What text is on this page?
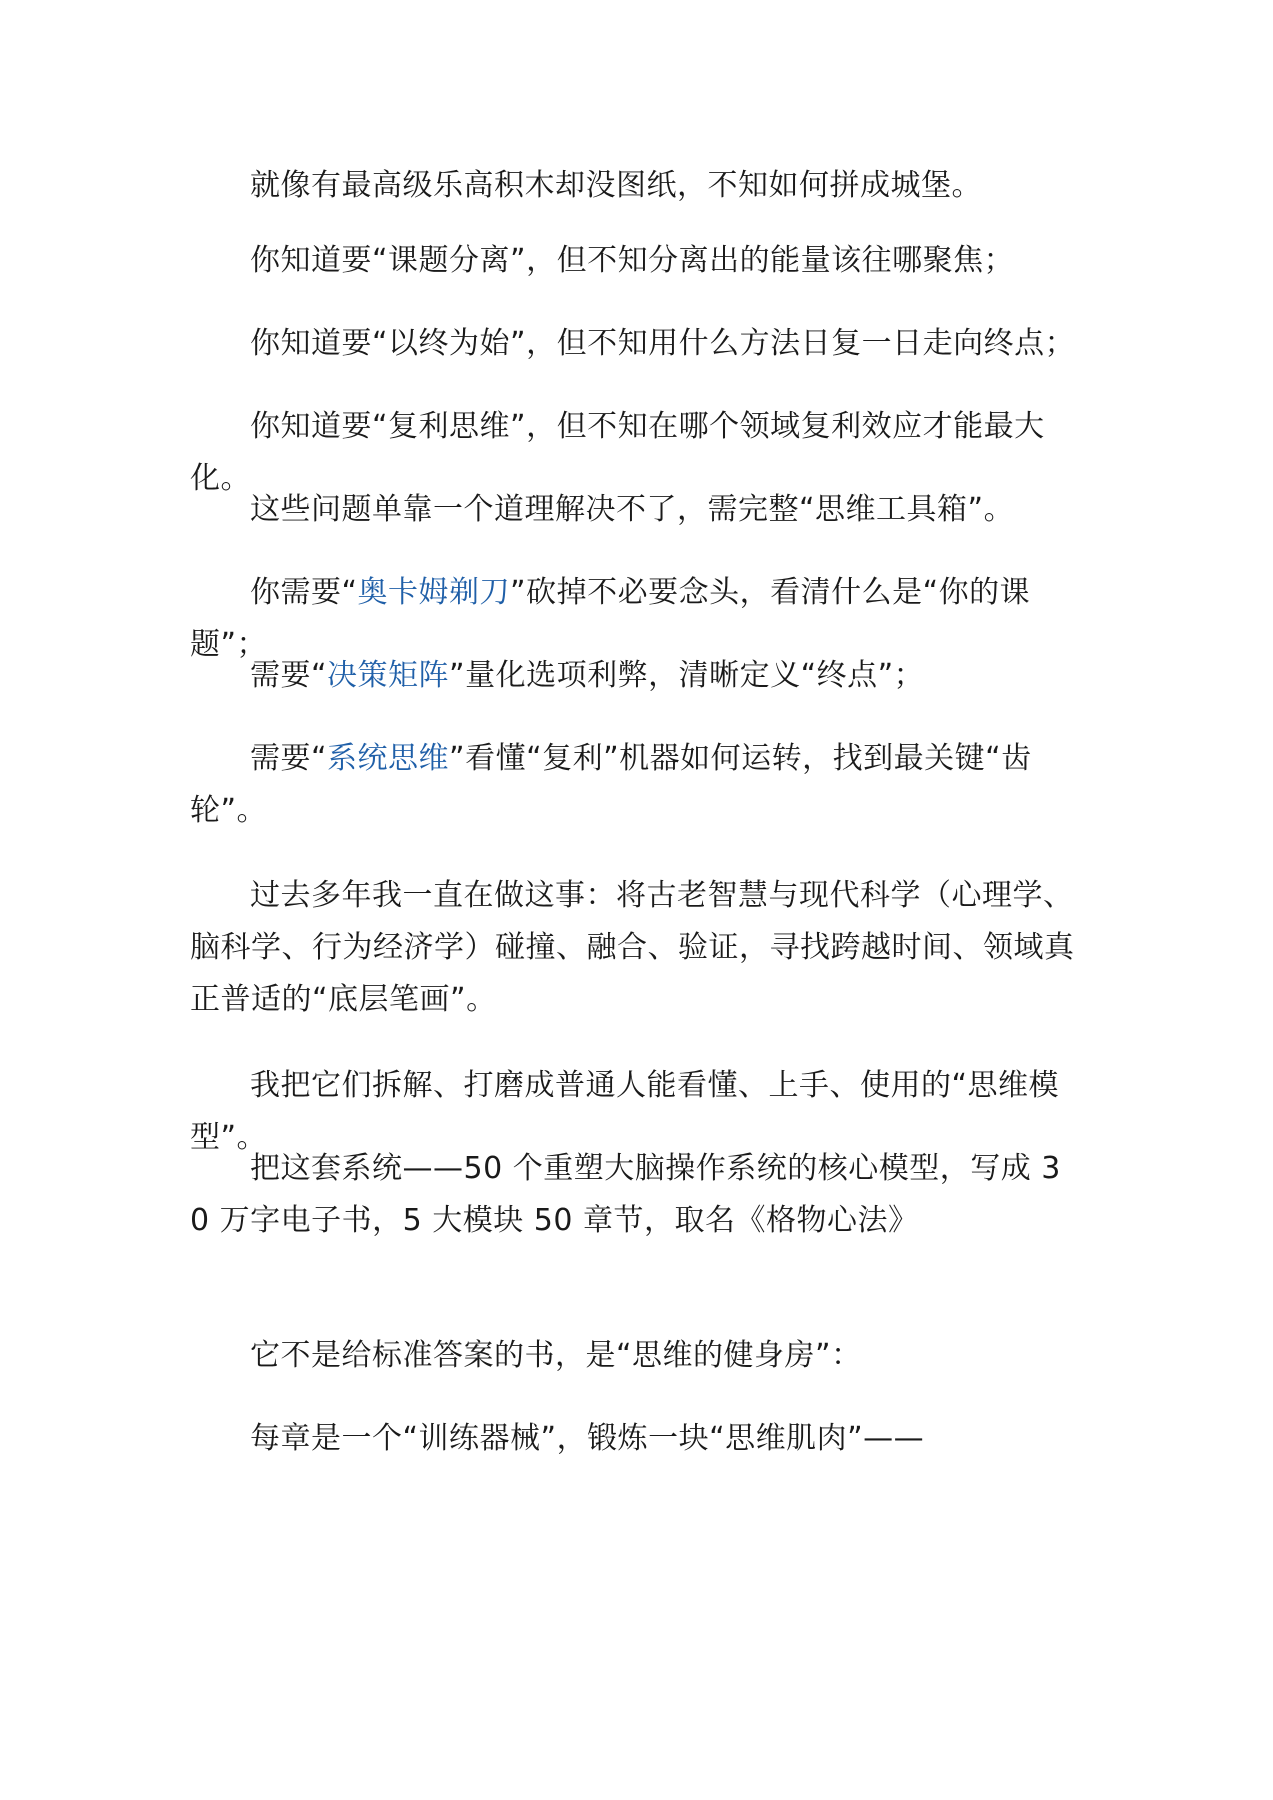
就像有最高级乐高积木却没图纸，不知如何拼成城堡。

你知道要“课题分离”，但不知分离出的能量该往哪聚焦；

你知道要“以终为始”，但不知用什么方法日复一日走向终点；

你知道要“复利思维”，但不知在哪个领域复利效应才能最大化。

这些问题单靠一个道理解决不了，需完整“思维工具箱”。

你需要“奥卡姆剃刀”砍掉不必要念头，看清什么是“你的课题”；

需要“决策矩阵”量化选项利弊，清晰定义“终点”；

需要“系统思维”看懂“复利”机器如何运转，找到最关键“齿轮”。

过去多年我一直在做这事：将古老智慧与现代科学（心理学、脑科学、行为经济学）碰撞、融合、验证，寻找跨越时间、领域真正普适的“底层笔画”。

我把它们拆解、打磨成普通人能看懂、上手、使用的“思维模型”。

把这套系统——50 个重塑大脑操作系统的核心模型，写成 30 万字电子书，5 大模块 50 章节，取名《格物心法》

它不是给标准答案的书，是“思维的健身房”：

每章是一个“训练器械”，锻炼一块“思维肌肉”——
